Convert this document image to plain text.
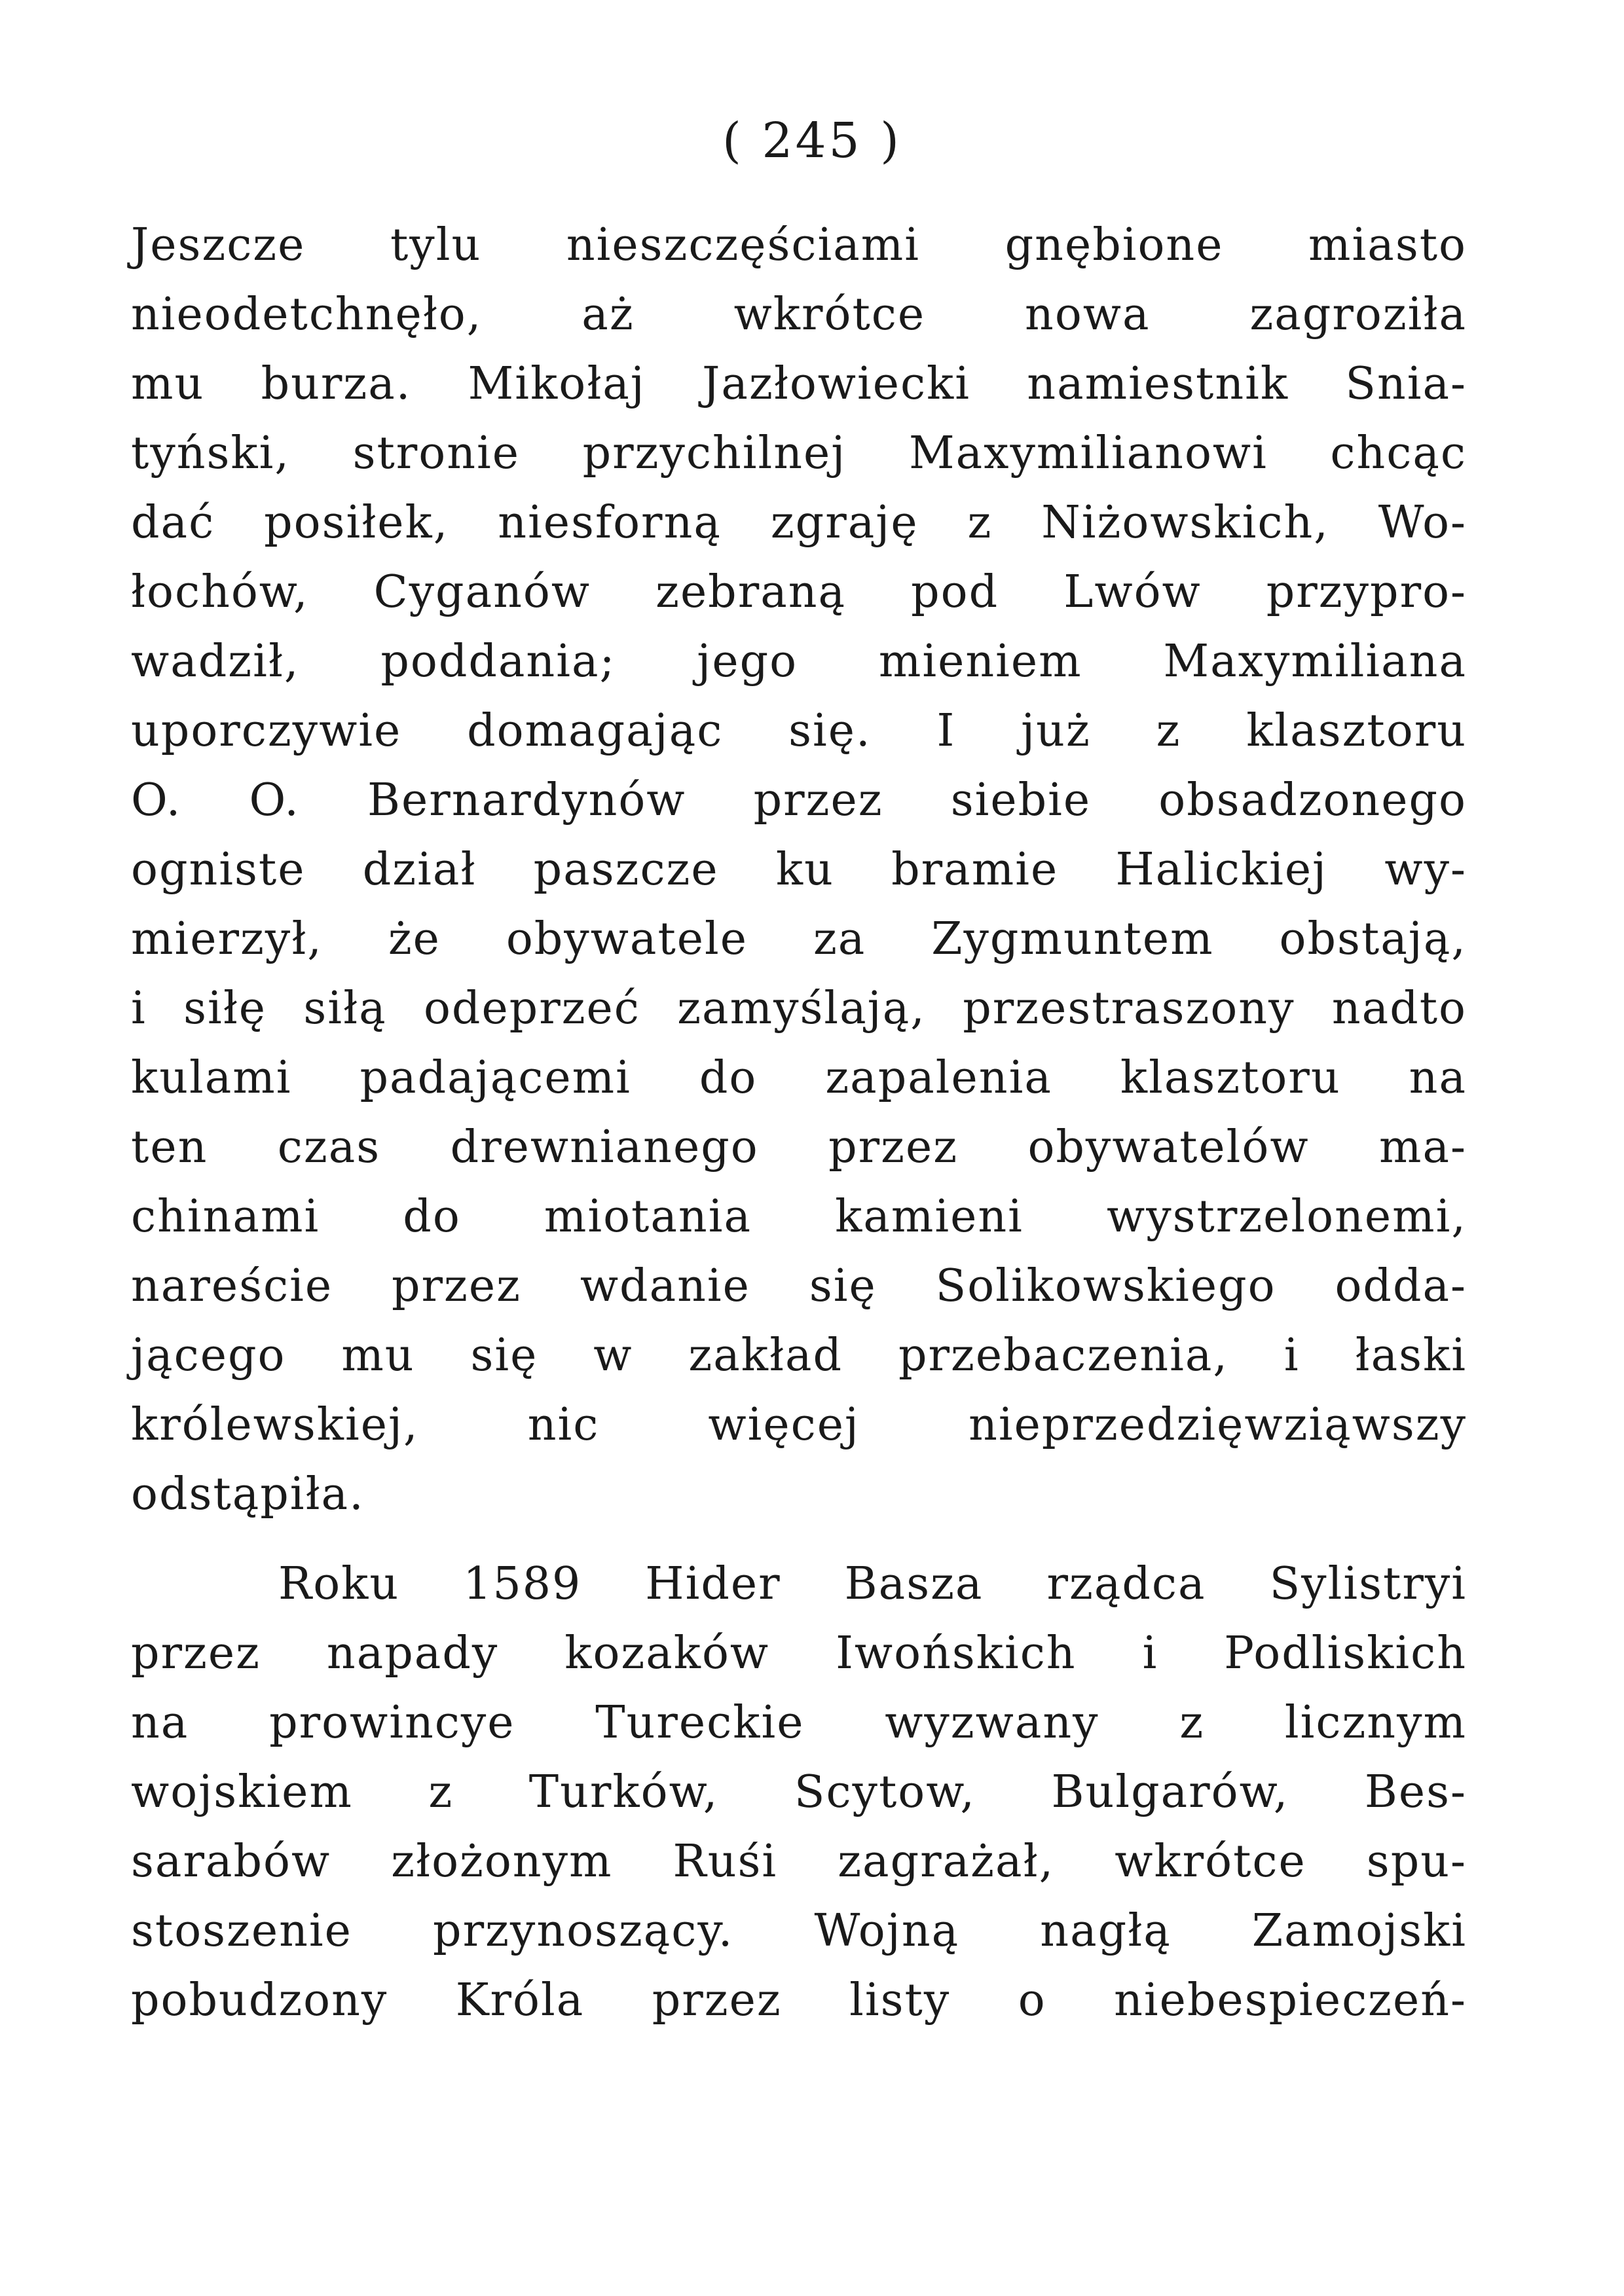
( 245 )
Jeszcze tylu nieszczęściami gnębione miasto
nieodetchnęło, aż wkrótce nowa zagroziła
mu burza. Mikołaj Jazłowiecki namiestnik Snia-
tyński, stronie przychilnej Maxymilianowi chcąc
dać posiłek, niesforną zgraję z Niżowskich, Wo-
łochów, Cyganów zebraną pod Lwów przypro-
wadził, poddania; jego mieniem Maxymiliana
uporczywie domagając się. I już z klasztoru
O. O. Bernardynów przez siebie obsadzonego
ogniste dział paszcze ku bramie Halickiej wy-
mierzył, że obywatele za Zygmuntem obstają,
i siłę siłą odeprzeć zamyślają, przestraszony nadto
kulami padającemi do zapalenia klasztoru na
ten czas drewnianego przez obywatelów ma-
chinami do miotania kamieni wystrzelonemi,
nareście przez wdanie się Solikowskiego odda-
jącego mu się w zakład przebaczenia, i łaski
królewskiej, nic więcej nieprzedzięwziąwszy
odstąpiła.
Roku 1589 Hider Basza rządca Sylistryi
przez napady kozaków Iwońskich i Podliskich
na prowincye Tureckie wyzwany z licznym
wojskiem z Turków, Scytow, Bulgarów, Bes-
sarabów złożonym Ruśi zagrażał, wkrótce spu-
stoszenie przynoszący. Wojną nagłą Zamojski
pobudzony Króla przez listy o niebespieczeń-
